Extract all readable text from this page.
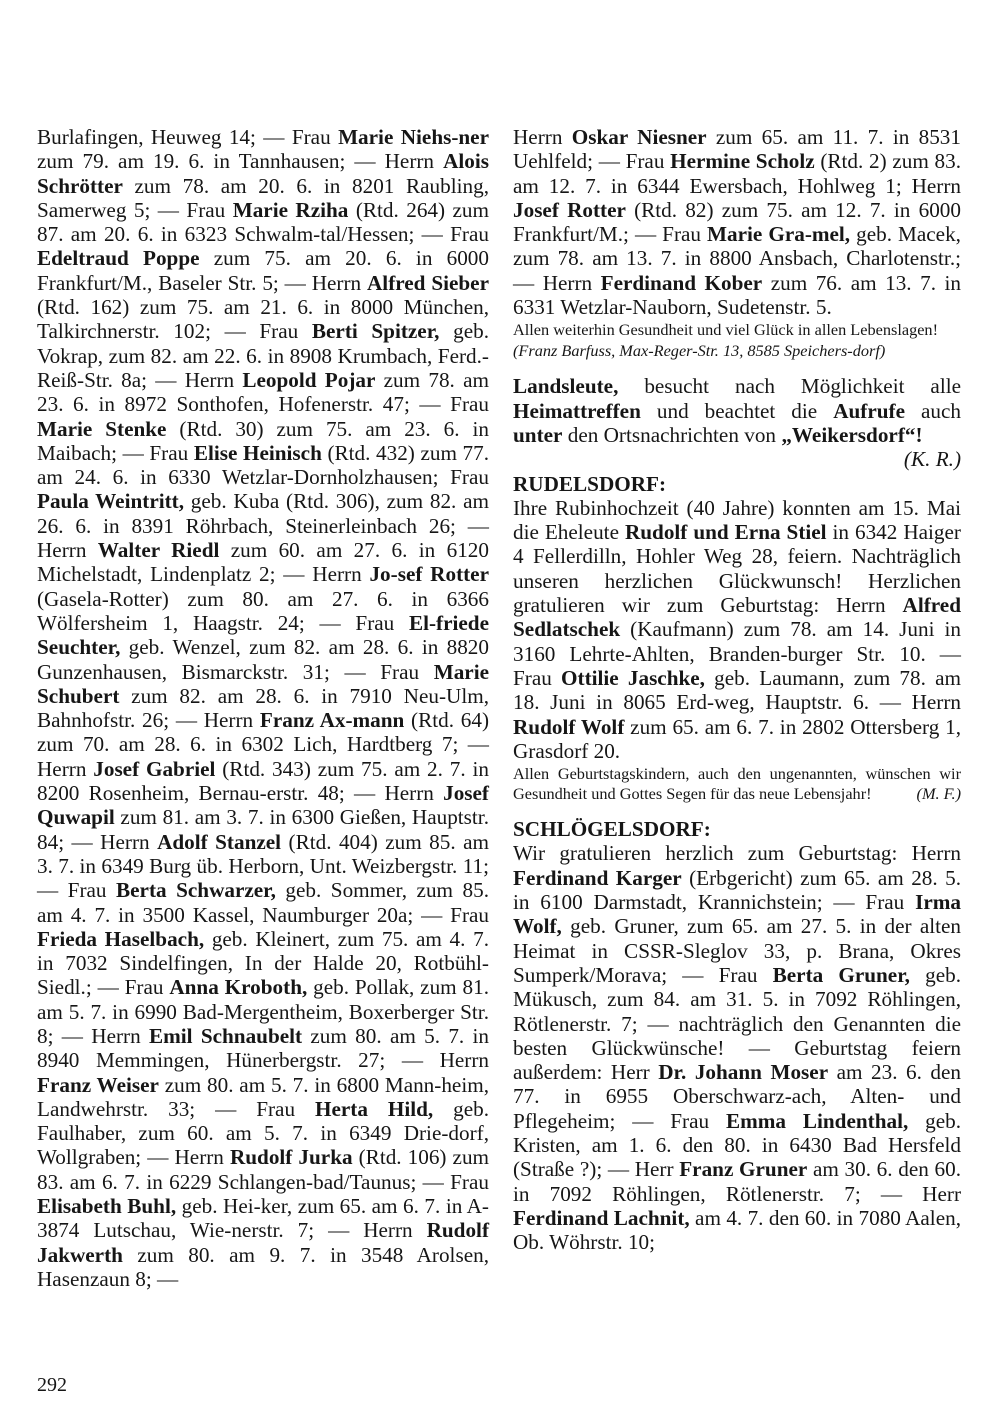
Burlafingen, Heuweg 14; — Frau Marie Niehs-ner zum 79. am 19. 6. in Tannhausen; — Herrn Alois Schrötter zum 78. am 20. 6. in 8201 Raubling, Samerweg 5; — Frau Marie Rziha (Rtd. 264) zum 87. am 20. 6. in 6323 Schwalm-tal/Hessen; — Frau Edeltraud Poppe zum 75. am 20. 6. in 6000 Frankfurt/M., Baseler Str. 5; — Herrn Alfred Sieber (Rtd. 162) zum 75. am 21. 6. in 8000 München, Talkirchnerstr. 102; — Frau Berti Spitzer, geb. Vokrap, zum 82. am 22. 6. in 8908 Krumbach, Ferd.-Reiß-Str. 8a; — Herrn Leopold Pojar zum 78. am 23. 6. in 8972 Sonthofen, Hofenerstr. 47; — Frau Marie Stenke (Rtd. 30) zum 75. am 23. 6. in Maibach; — Frau Elise Heinisch (Rtd. 432) zum 77. am 24. 6. in 6330 Wetzlar-Dornholzhausen; Frau Paula Weintritt, geb. Kuba (Rtd. 306), zum 82. am 26. 6. in 8391 Röhrbach, Steinerleinbach 26; — Herrn Walter Riedl zum 60. am 27. 6. in 6120 Michelstadt, Lindenplatz 2; — Herrn Jo-sef Rotter (Gasela-Rotter) zum 80. am 27. 6. in 6366 Wölfersheim 1, Haagstr. 24; — Frau El-friede Seuchter, geb. Wenzel, zum 82. am 28. 6. in 8820 Gunzenhausen, Bismarckstr. 31; — Frau Marie Schubert zum 82. am 28. 6. in 7910 Neu-Ulm, Bahnhofstr. 26; — Herrn Franz Ax-mann (Rtd. 64) zum 70. am 28. 6. in 6302 Lich, Hardtberg 7; — Herrn Josef Gabriel (Rtd. 343) zum 75. am 2. 7. in 8200 Rosenheim, Bernau-erstr. 48; — Herrn Josef Quwapil zum 81. am 3. 7. in 6300 Gießen, Hauptstr. 84; — Herrn Adolf Stanzel (Rtd. 404) zum 85. am 3. 7. in 6349 Burg üb. Herborn, Unt. Weizbergstr. 11; — Frau Berta Schwarzer, geb. Sommer, zum 85. am 4. 7. in 3500 Kassel, Naumburger 20a; — Frau Frieda Haselbach, geb. Kleinert, zum 75. am 4. 7. in 7032 Sindelfingen, In der Halde 20, Rotbühl-Siedl.; — Frau Anna Kroboth, geb. Pollak, zum 81. am 5. 7. in 6990 Bad-Mergentheim, Boxerberger Str. 8; — Herrn Emil Schnaubelt zum 80. am 5. 7. in 8940 Memmingen, Hünerbergstr. 27; — Herrn Franz Weiser zum 80. am 5. 7. in 6800 Mann-heim, Landwehrstr. 33; — Frau Herta Hild, geb. Faulhaber, zum 60. am 5. 7. in 6349 Drie-dorf, Wollgraben; — Herrn Rudolf Jurka (Rtd. 106) zum 83. am 6. 7. in 6229 Schlangen-bad/Taunus; — Frau Elisabeth Buhl, geb. Hei-ker, zum 65. am 6. 7. in A-3874 Lutschau, Wie-nerstr. 7; — Herrn Rudolf Jakwerth zum 80. am 9. 7. in 3548 Arolsen, Hasenzaun 8; —

Herrn Oskar Niesner zum 65. am 11. 7. in 8531 Uehlfeld; — Frau Hermine Scholz (Rtd. 2) zum 83. am 12. 7. in 6344 Ewersbach, Hohlweg 1; Herrn Josef Rotter (Rtd. 82) zum 75. am 12. 7. in 6000 Frankfurt/M.; — Frau Marie Gra-mel, geb. Macek, zum 78. am 13. 7. in 8800 Ansbach, Charlotenstr.; — Herrn Ferdinand Kober zum 76. am 13. 7. in 6331 Wetzlar-Nauborn, Sudetenstr. 5.

Allen weiterhin Gesundheit und viel Glück in allen Lebenslagen!

(Franz Barfuss, Max-Reger-Str. 13, 8585 Speichers-dorf)

Landsleute, besucht nach Möglichkeit alle Heimattreffen und beachtet die Aufrufe auch unter den Ortsnachrichten von „Weikersdorf“!

(K. R.)

RUDELSDORF:

Ihre Rubinhochzeit (40 Jahre) konnten am 15. Mai die Eheleute Rudolf und Erna Stiel in 6342 Haiger 4 Fellerdilln, Hohler Weg 28, feiern. Nachträglich unseren herzlichen Glückwunsch! Herzlichen gratulieren wir zum Geburtstag: Herrn Alfred Sedlatschek (Kaufmann) zum 78. am 14. Juni in 3160 Lehrte-Ahlten, Branden-burger Str. 10. — Frau Ottilie Jaschke, geb. Laumann, zum 78. am 18. Juni in 8065 Erd-weg, Hauptstr. 6. — Herrn Rudolf Wolf zum 65. am 6. 7. in 2802 Ottersberg 1, Grasdorf 20.

Allen Geburtstagskindern, auch den ungenannten, wünschen wir Gesundheit und Gottes Segen für das neue Lebensjahr!	(M. F.)

SCHLÖGELSDORF:

Wir gratulieren herzlich zum Geburtstag: Herrn Ferdinand Karger (Erbgericht) zum 65. am 28. 5. in 6100 Darmstadt, Krannichstein; — Frau Irma Wolf, geb. Gruner, zum 65. am 27. 5. in der alten Heimat in CSSR-Sleglov 33, p. Brana, Okres Sumperk/Morava; — Frau Berta Gruner, geb. Mükusch, zum 84. am 31. 5. in 7092 Röhlingen, Rötlenerstr. 7; — nachträglich den Genannten die besten Glückwünsche! — Geburtstag feiern außerdem: Herr Dr. Johann Moser am 23. 6. den 77. in 6955 Oberschwarz-ach, Alten- und Pflegeheim; — Frau Emma Lindenthal, geb. Kristen, am 1. 6. den 80. in 6430 Bad Hersfeld (Straße ?); — Herr Franz Gruner am 30. 6. den 60. in 7092 Röhlingen, Rötlenerstr. 7; — Herr Ferdinand Lachnit, am 4. 7. den 60. in 7080 Aalen, Ob. Wöhrstr. 10;

292
